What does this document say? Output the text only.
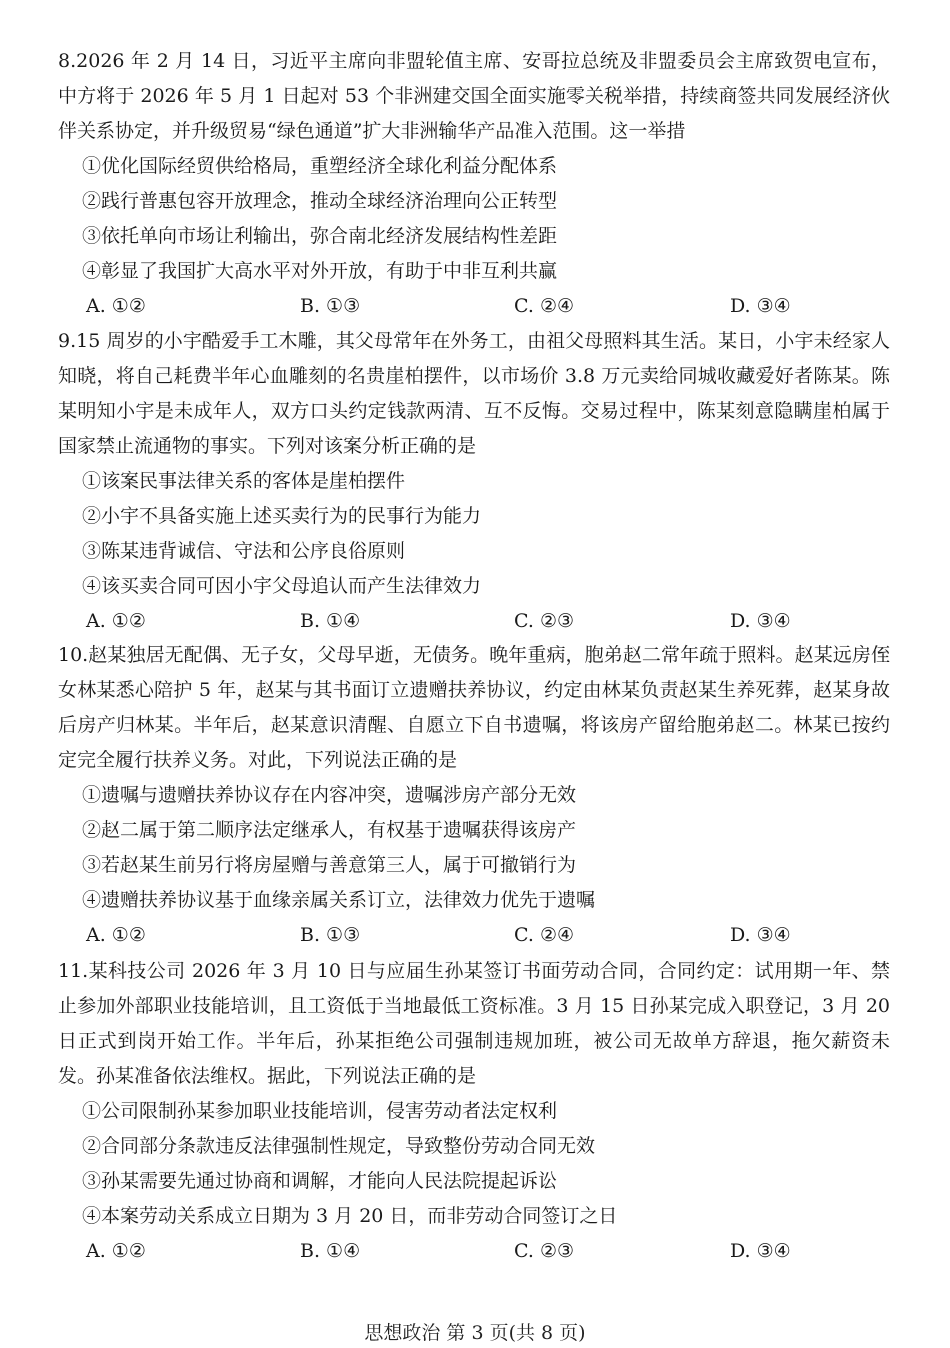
8.2026 年 2 月 14 日，习近平主席向非盟轮值主席、安哥拉总统及非盟委员会主席致贺电宣布，中方将于 2026 年 5 月 1 日起对 53 个非洲建交国全面实施零关税举措，持续商签共同发展经济伙伴关系协定，并升级贸易“绿色通道”扩大非洲输华产品准入范围。这一举措

①优化国际经贸供给格局，重塑经济全球化利益分配体系

②践行普惠包容开放理念，推动全球经济治理向公正转型

③依托单向市场让利输出，弥合南北经济发展结构性差距

④彰显了我国扩大高水平对外开放，有助于中非互利共赢

A. ①②	B. ①③	C. ②④	D. ③④

9.15 周岁的小宇酷爱手工木雕，其父母常年在外务工，由祖父母照料其生活。某日，小宇未经家人知晓，将自己耗费半年心血雕刻的名贵崖柏摆件，以市场价 3.8 万元卖给同城收藏爱好者陈某。陈某明知小宇是未成年人，双方口头约定钱款两清、互不反悔。交易过程中，陈某刻意隐瞒崖柏属于国家禁止流通物的事实。下列对该案分析正确的是

①该案民事法律关系的客体是崖柏摆件

②小宇不具备实施上述买卖行为的民事行为能力

③陈某违背诚信、守法和公序良俗原则

④该买卖合同可因小宇父母追认而产生法律效力

A. ①②	B. ①④	C. ②③	D. ③④

10.赵某独居无配偶、无子女，父母早逝，无债务。晚年重病，胞弟赵二常年疏于照料。赵某远房侄女林某悉心陪护 5 年，赵某与其书面订立遗赠扶养协议，约定由林某负责赵某生养死葬，赵某身故后房产归林某。半年后，赵某意识清醒、自愿立下自书遗嘱，将该房产留给胞弟赵二。林某已按约定完全履行扶养义务。对此，下列说法正确的是

①遗嘱与遗赠扶养协议存在内容冲突，遗嘱涉房产部分无效

②赵二属于第二顺序法定继承人，有权基于遗嘱获得该房产

③若赵某生前另行将房屋赠与善意第三人，属于可撤销行为

④遗赠扶养协议基于血缘亲属关系订立，法律效力优先于遗嘱

A. ①②	B. ①③	C. ②④	D. ③④

11.某科技公司 2026 年 3 月 10 日与应届生孙某签订书面劳动合同，合同约定：试用期一年、禁止参加外部职业技能培训，且工资低于当地最低工资标准。3 月 15 日孙某完成入职登记，3 月 20 日正式到岗开始工作。半年后，孙某拒绝公司强制违规加班，被公司无故单方辞退，拖欠薪资未发。孙某准备依法维权。据此，下列说法正确的是

①公司限制孙某参加职业技能培训，侵害劳动者法定权利

②合同部分条款违反法律强制性规定，导致整份劳动合同无效

③孙某需要先通过协商和调解，才能向人民法院提起诉讼

④本案劳动关系成立日期为 3 月 20 日，而非劳动合同签订之日

A. ①②	B. ①④	C. ②③	D. ③④
思想政治 第 3 页(共 8 页)
